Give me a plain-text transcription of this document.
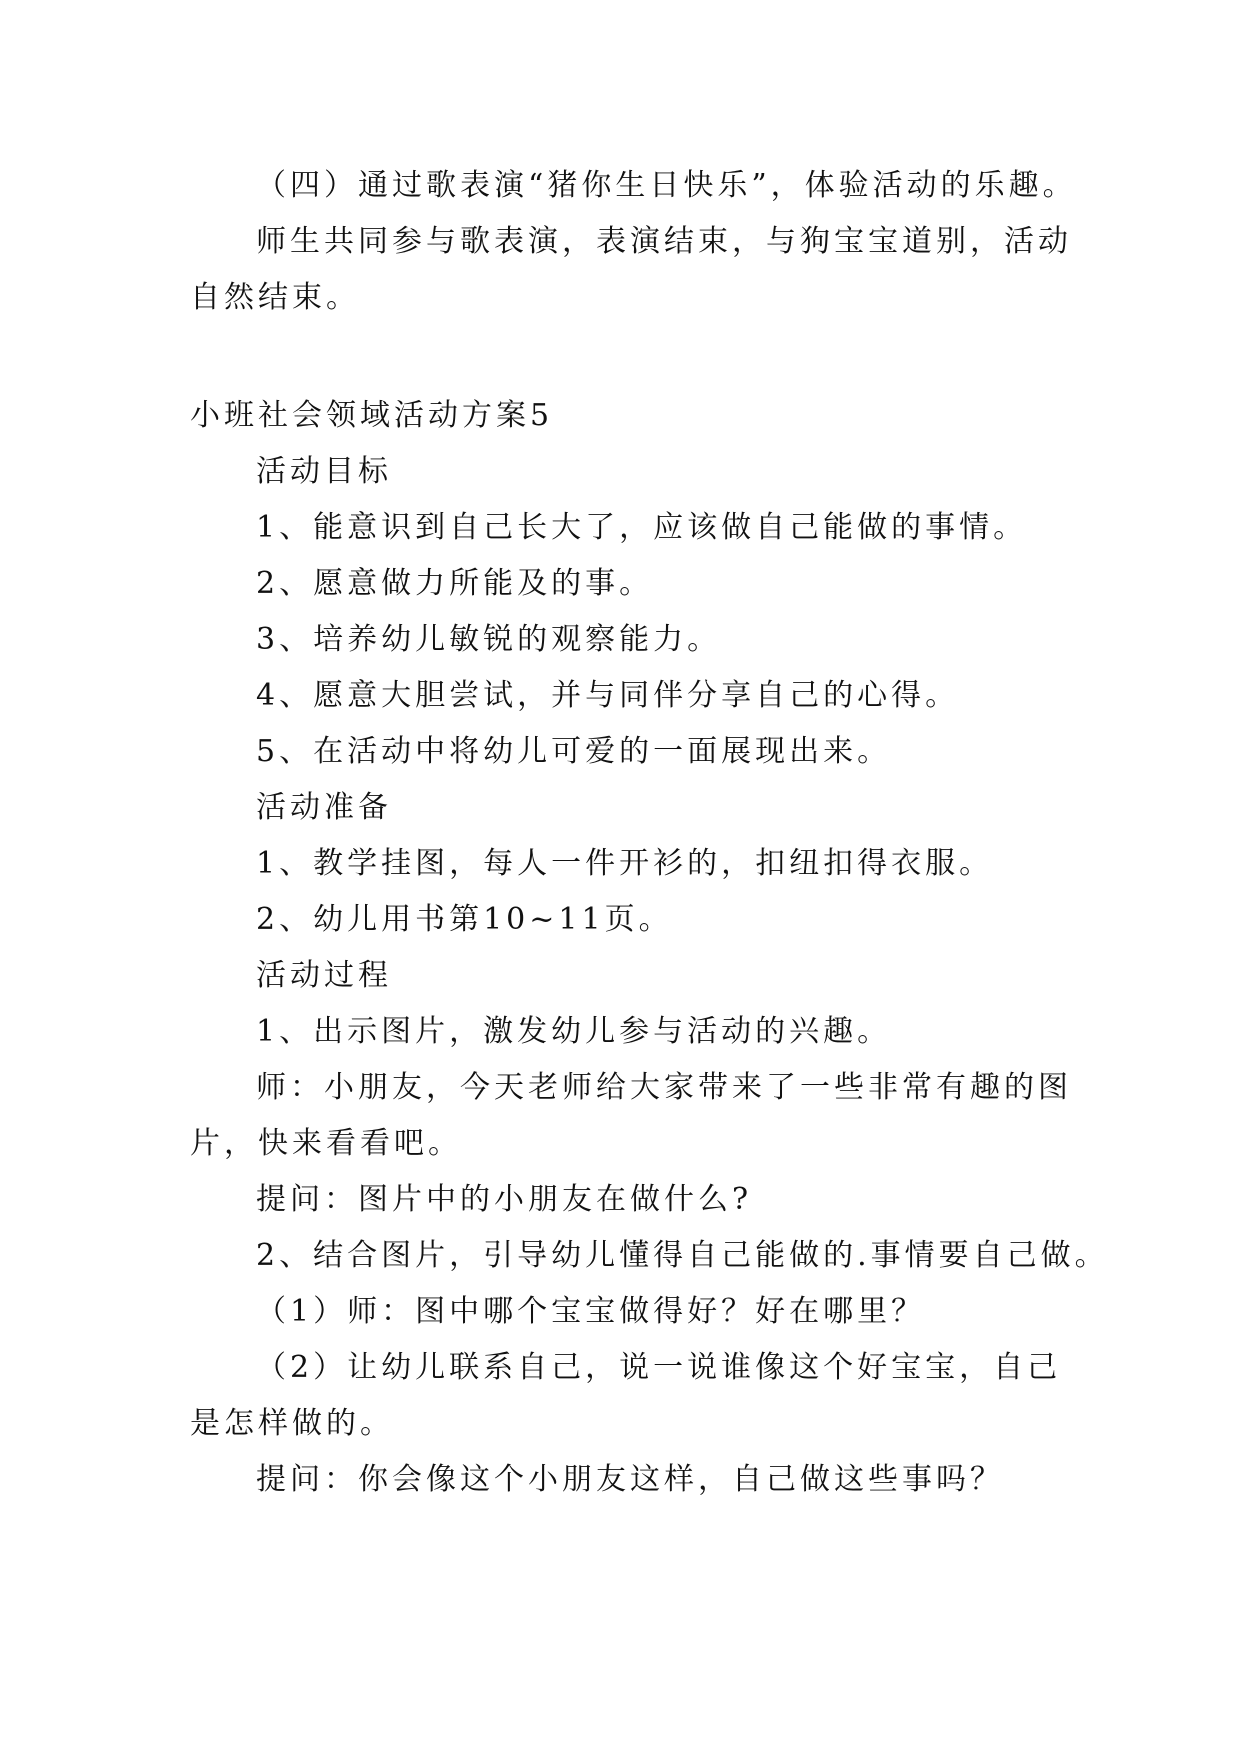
（四）通过歌表演“猪你生日快乐”，体验活动的乐趣。
师生共同参与歌表演，表演结束，与狗宝宝道别，活动
自然结束。
小班社会领域活动方案5
活动目标
1、能意识到自己长大了，应该做自己能做的事情。
2、愿意做力所能及的事。
3、培养幼儿敏锐的观察能力。
4、愿意大胆尝试，并与同伴分享自己的心得。
5、在活动中将幼儿可爱的一面展现出来。
活动准备
1、教学挂图，每人一件开衫的，扣纽扣得衣服。
2、幼儿用书第10~11页。
活动过程
1、出示图片，激发幼儿参与活动的兴趣。
师：小朋友，今天老师给大家带来了一些非常有趣的图
片，快来看看吧。
提问：图片中的小朋友在做什么?
2、结合图片，引导幼儿懂得自己能做的.事情要自己做。
（1）师：图中哪个宝宝做得好？好在哪里？
（2）让幼儿联系自己，说一说谁像这个好宝宝，自己
是怎样做的。
提问：你会像这个小朋友这样，自己做这些事吗？
